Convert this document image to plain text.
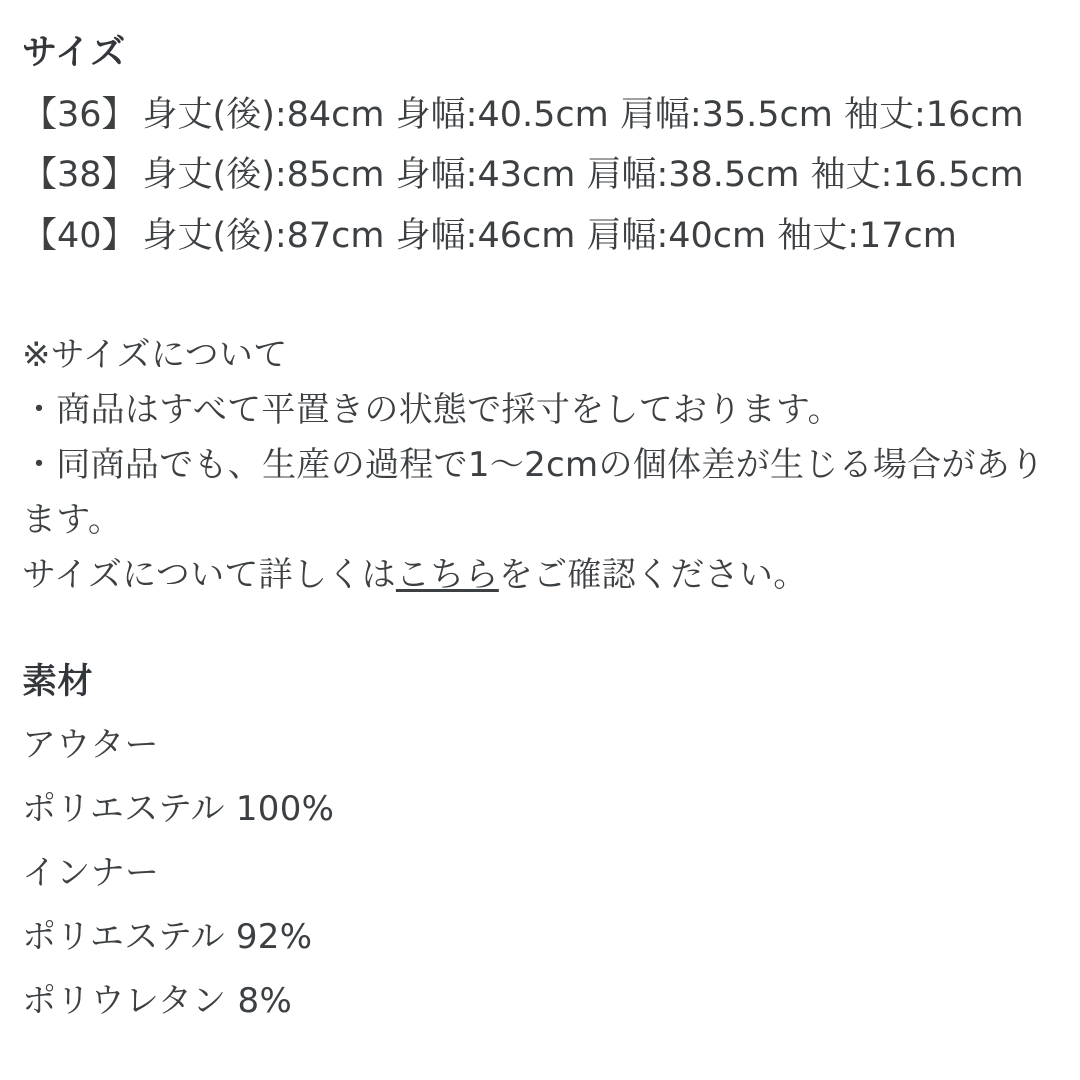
サイズ
【36】 身丈(後):84cm 身幅:40.5cm 肩幅:35.5cm 袖丈:16cm
【38】 身丈(後):85cm 身幅:43cm 肩幅:38.5cm 袖丈:16.5cm
【40】 身丈(後):87cm 身幅:46cm 肩幅:40cm 袖丈:17cm
※サイズについて
・商品はすべて平置きの状態で採寸をしております。
・同商品でも、生産の過程で1〜2cmの個体差が生じる場合があります。
サイズについて詳しくはこちらをご確認ください。
素材
アウター
ポリエステル 100%
インナー
ポリエステル 92%
ポリウレタン 8%
